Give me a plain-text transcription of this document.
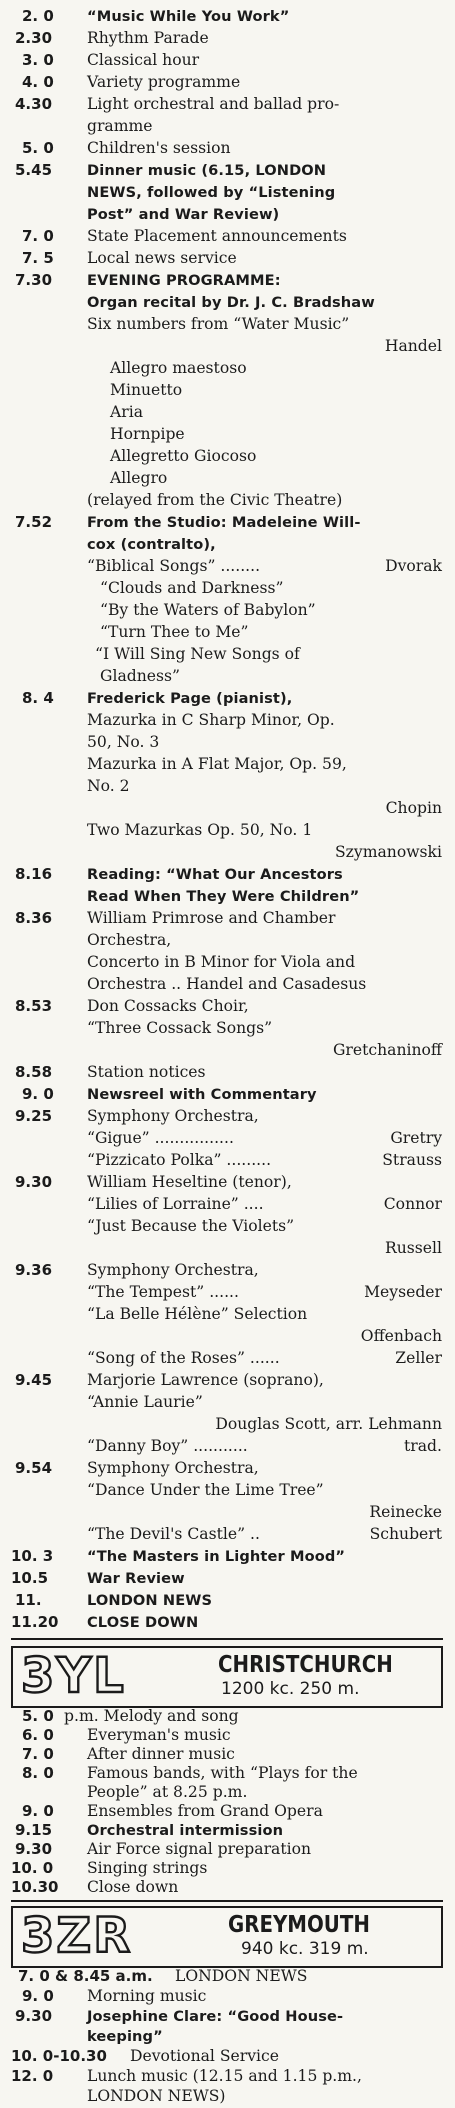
2. 0 “Music While You Work”
2.30 Rhythm Parade
3. 0 Classical hour
4. 0 Variety programme
4.30 Light orchestral and ballad pro-
gramme
5. 0 Children's session
5.45 Dinner music (6.15, LONDON
NEWS, followed by “Listening
Post” and War Review)
7. 0 State Placement announcements
7. 5 Local news service
7.30 EVENING PROGRAMME:
Organ recital by Dr. J. C. Bradshaw
Six numbers from “Water Music”
Handel
Allegro maestoso
Minuetto
Aria
Hornpipe
Allegretto Giocoso
Allegro
(relayed from the Civic Theatre)
7.52 From the Studio: Madeleine Will-
cox (contralto),
“Biblical Songs” ........	Dvorak
“Clouds and Darkness”
“By the Waters of Babylon”
“Turn Thee to Me”
“I Will Sing New Songs of
Gladness”
8. 4 Frederick Page (pianist),
Mazurka in C Sharp Minor, Op.
50, No. 3
Mazurka in A Flat Major, Op. 59,
No. 2
Chopin
Two Mazurkas Op. 50, No. 1
Szymanowski
8.16 Reading: “What Our Ancestors
Read When They Were Children”
8.36 William Primrose and Chamber
Orchestra,
Concerto in B Minor for Viola and
Orchestra .. Handel and Casadesus
8.53 Don Cossacks Choir,
“Three Cossack Songs”
Gretchaninoff
8.58 Station notices
9. 0 Newsreel with Commentary
9.25 Symphony Orchestra,
“Gigue” ................	Gretry
“Pizzicato Polka” .........	Strauss
9.30 William Heseltine (tenor),
“Lilies of Lorraine” ....	Connor
“Just Because the Violets”
Russell
9.36 Symphony Orchestra,
“The Tempest” ......	Meyseder
“La Belle Hélène” Selection
Offenbach
“Song of the Roses” ......	Zeller
9.45 Marjorie Lawrence (soprano),
“Annie Laurie”
Douglas Scott, arr. Lehmann
“Danny Boy” ...........	trad.
9.54 Symphony Orchestra,
“Dance Under the Lime Tree”
Reinecke
“The Devil's Castle” ..	Schubert
10. 3 “The Masters in Lighter Mood”
10.5	War Review
11.	LONDON NEWS
11.20 CLOSE DOWN
3YL	CHRISTCHURCH
1200 kc. 250 m.
5. 0 p.m. Melody and song
6. 0 Everyman's music
7. 0 After dinner music
8. 0 Famous bands, with “Plays for the
People” at 8.25 p.m.
9. 0 Ensembles from Grand Opera
9.15 Orchestral intermission
9.30 Air Force signal preparation
10. 0 Singing strings
10.30 Close down
3ZR	GREYMOUTH
940 kc. 319 m.
7. 0 & 8.45 a.m. LONDON NEWS
9. 0 Morning music
9.30 Josephine Clare: “Good House-
keeping”
10. 0-10.30 Devotional Service
12. 0 Lunch music (12.15 and 1.15 p.m.,
LONDON NEWS)
